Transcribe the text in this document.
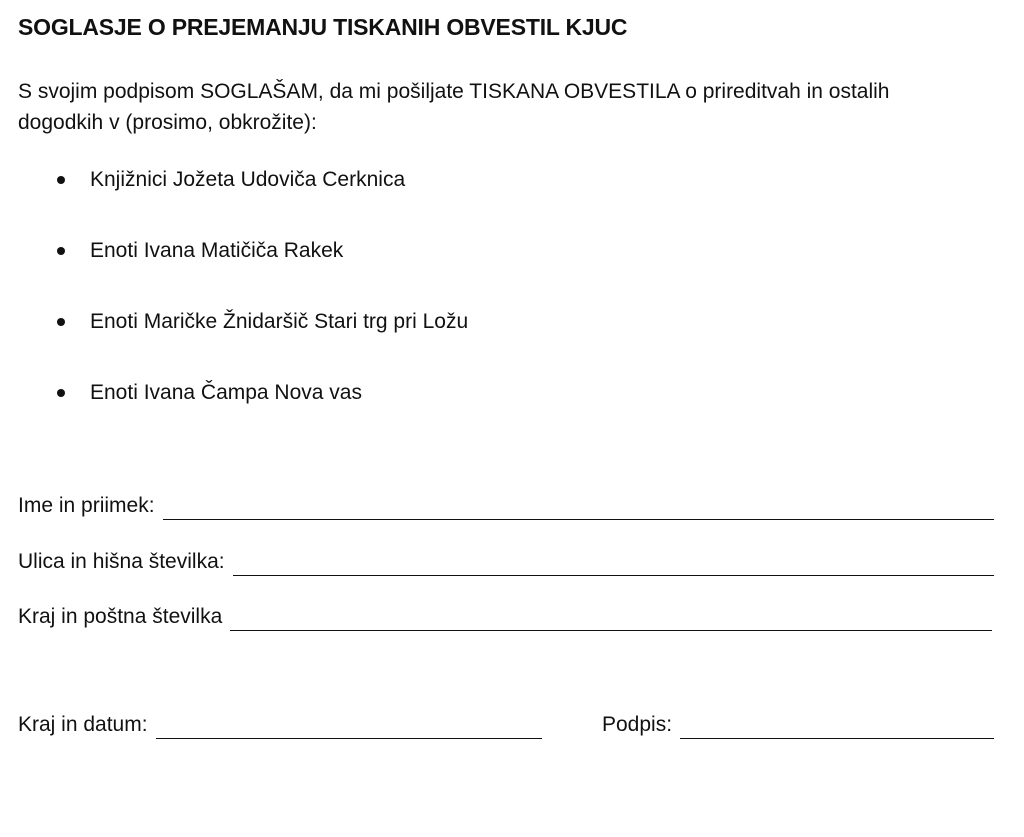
SOGLASJE O PREJEMANJU TISKANIH OBVESTIL KJUC

S svojim podpisom SOGLAŠAM, da mi pošiljate TISKANA OBVESTILA o prireditvah in ostalih dogodkih v (prosimo, obkrožite):

Knjižnici Jožeta Udoviča Cerknica
Enoti Ivana Matičiča Rakek
Enoti Maričke Žnidaršič Stari trg pri Ložu
Enoti Ivana Čampa Nova vas
Ime in priimek:
Ulica in hišna številka:
Kraj in poštna številka
Kraj in datum:	Podpis:
